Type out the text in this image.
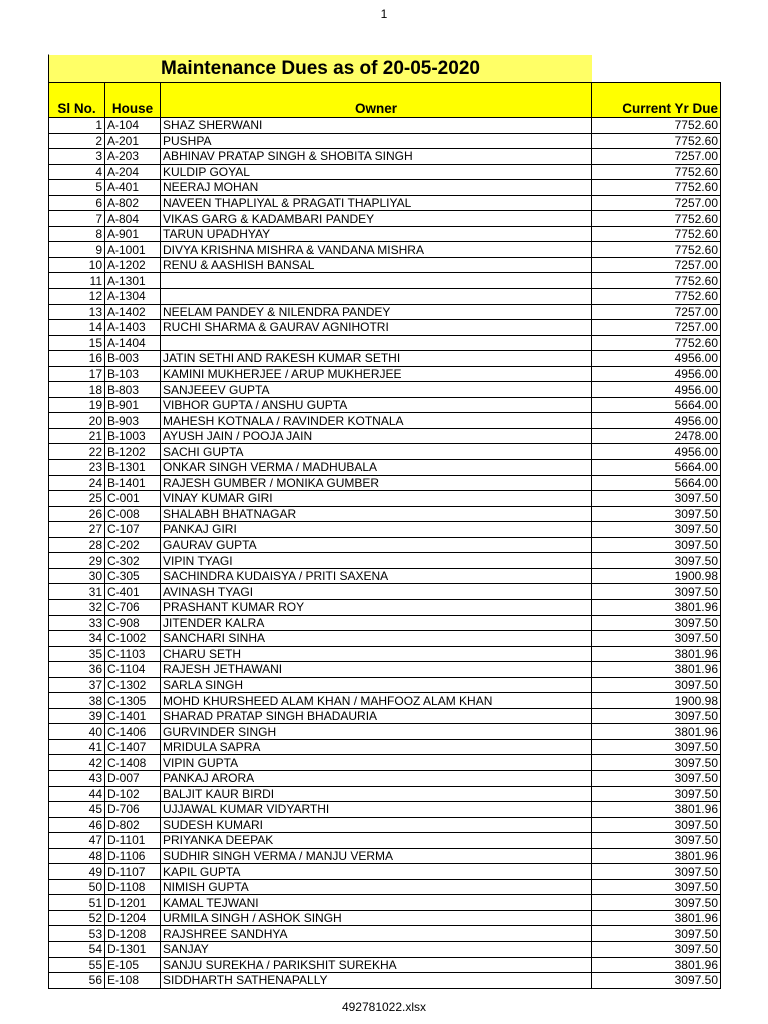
1
Maintenance Dues as of 20-05-2020
Sl No.	House	Owner	Current Yr Due
1	A-104	SHAZ SHERWANI	7752.60
2	A-201	PUSHPA	7752.60
3	A-203	ABHINAV PRATAP SINGH & SHOBITA SINGH	7257.00
4	A-204	KULDIP GOYAL	7752.60
5	A-401	NEERAJ MOHAN	7752.60
6	A-802	NAVEEN THAPLIYAL & PRAGATI THAPLIYAL	7257.00
7	A-804	VIKAS GARG & KADAMBARI PANDEY	7752.60
8	A-901	TARUN UPADHYAY	7752.60
9	A-1001	DIVYA KRISHNA MISHRA & VANDANA MISHRA	7752.60
10	A-1202	RENU & AASHISH BANSAL	7257.00
11	A-1301		7752.60
12	A-1304		7752.60
13	A-1402	NEELAM PANDEY & NILENDRA PANDEY	7257.00
14	A-1403	RUCHI SHARMA & GAURAV AGNIHOTRI	7257.00
15	A-1404		7752.60
16	B-003	JATIN SETHI AND RAKESH KUMAR SETHI	4956.00
17	B-103	KAMINI MUKHERJEE / ARUP MUKHERJEE	4956.00
18	B-803	SANJEEEV GUPTA	4956.00
19	B-901	VIBHOR GUPTA / ANSHU GUPTA	5664.00
20	B-903	MAHESH KOTNALA / RAVINDER KOTNALA	4956.00
21	B-1003	AYUSH JAIN / POOJA JAIN	2478.00
22	B-1202	SACHI GUPTA	4956.00
23	B-1301	ONKAR SINGH VERMA / MADHUBALA	5664.00
24	B-1401	RAJESH GUMBER / MONIKA GUMBER	5664.00
25	C-001	VINAY KUMAR GIRI	3097.50
26	C-008	SHALABH BHATNAGAR	3097.50
27	C-107	PANKAJ GIRI	3097.50
28	C-202	GAURAV GUPTA	3097.50
29	C-302	VIPIN TYAGI	3097.50
30	C-305	SACHINDRA KUDAISYA / PRITI SAXENA	1900.98
31	C-401	AVINASH TYAGI	3097.50
32	C-706	PRASHANT KUMAR ROY	3801.96
33	C-908	JITENDER KALRA	3097.50
34	C-1002	SANCHARI SINHA	3097.50
35	C-1103	CHARU SETH	3801.96
36	C-1104	RAJESH JETHAWANI	3801.96
37	C-1302	SARLA SINGH	3097.50
38	C-1305	MOHD KHURSHEED ALAM KHAN / MAHFOOZ ALAM KHAN	1900.98
39	C-1401	SHARAD PRATAP SINGH BHADAURIA	3097.50
40	C-1406	GURVINDER SINGH	3801.96
41	C-1407	MRIDULA SAPRA	3097.50
42	C-1408	VIPIN GUPTA	3097.50
43	D-007	PANKAJ ARORA	3097.50
44	D-102	BALJIT KAUR BIRDI	3097.50
45	D-706	UJJAWAL KUMAR VIDYARTHI	3801.96
46	D-802	SUDESH KUMARI	3097.50
47	D-1101	PRIYANKA DEEPAK	3097.50
48	D-1106	SUDHIR SINGH VERMA / MANJU VERMA	3801.96
49	D-1107	KAPIL GUPTA	3097.50
50	D-1108	NIMISH GUPTA	3097.50
51	D-1201	KAMAL TEJWANI	3097.50
52	D-1204	URMILA SINGH / ASHOK SINGH	3801.96
53	D-1208	RAJSHREE SANDHYA	3097.50
54	D-1301	SANJAY	3097.50
55	E-105	SANJU SUREKHA / PARIKSHIT SUREKHA	3801.96
56	E-108	SIDDHARTH SATHENAPALLY	3097.50
492781022.xlsx
